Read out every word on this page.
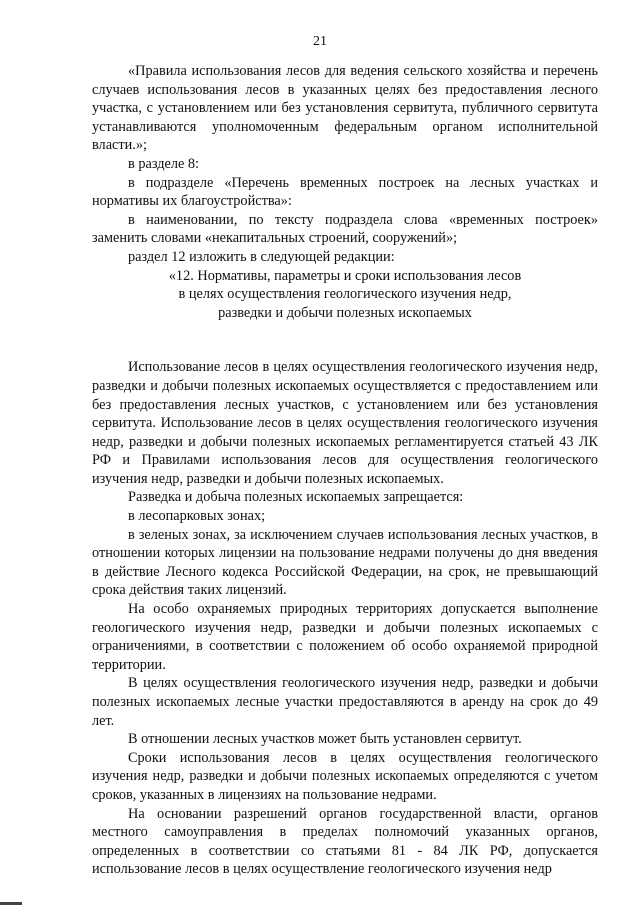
21

«Правила использования лесов для ведения сельского хозяйства и перечень случаев использования лесов в указанных целях без предоставления лесного участка, с установлением или без установления сервитута, публичного сервитута устанавливаются уполномоченным федеральным органом исполнительной власти.»;

в разделе 8:

в подразделе «Перечень временных построек на лесных участках и нормативы их благоустройства»:

в наименовании, по тексту подраздела слова «временных построек» заменить словами «некапитальных строений, сооружений»;

раздел 12 изложить в следующей редакции:

«12. Нормативы, параметры и сроки использования лесов

в целях осуществления геологического изучения недр,

разведки и добычи полезных ископаемых

Использование лесов в целях осуществления геологического изучения недр, разведки и добычи полезных ископаемых осуществляется с предоставлением или без предоставления лесных участков, с установлением или без установления сервитута. Использование лесов в целях осуществления геологического изучения недр, разведки и добычи полезных ископаемых регламентируется статьей 43 ЛК РФ и Правилами использования лесов для осуществления геологического изучения недр, разведки и добычи полезных ископаемых.

Разведка и добыча полезных ископаемых запрещается:

в лесопарковых зонах;

в зеленых зонах, за исключением случаев использования лесных участков, в отношении которых лицензии на пользование недрами получены до дня введения в действие Лесного кодекса Российской Федерации, на срок, не превышающий срока действия таких лицензий.

На особо охраняемых природных территориях допускается выполнение геологического изучения недр, разведки и добычи полезных ископаемых с ограничениями, в соответствии с положением об особо охраняемой природной территории.

В целях осуществления геологического изучения недр, разведки и добычи полезных ископаемых лесные участки предоставляются в аренду на срок до 49 лет.

В отношении лесных участков может быть установлен сервитут.

Сроки использования лесов в целях осуществления геологического изучения недр, разведки и добычи полезных ископаемых определяются с учетом сроков, указанных в лицензиях на пользование недрами.

На основании разрешений органов государственной власти, органов местного самоуправления в пределах полномочий указанных органов, определенных в соответствии со статьями 81 - 84 ЛК РФ, допускается использование лесов в целях осуществление геологического изучения недр
